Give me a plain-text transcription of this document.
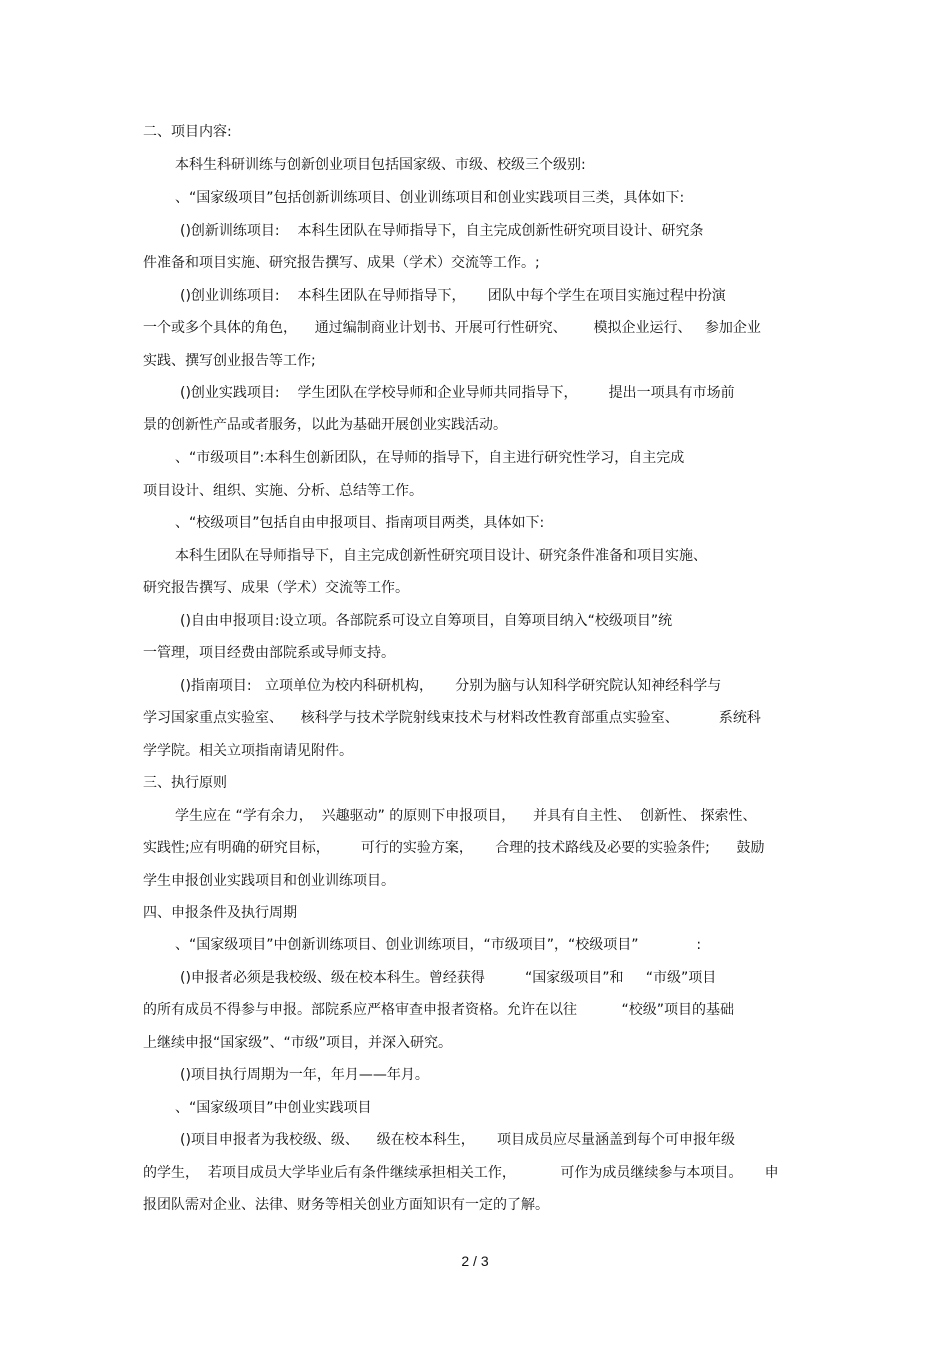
二、项目内容:
本科生科研训练与创新创业项目包括国家级、市级、校级三个级别:
、“国家级项目”包括创新训练项目、创业训练项目和创业实践项目三类，具体如下:
()创新训练项目:    本科生团队在导师指导下，自主完成创新性研究项目设计、研究条
件准备和项目实施、研究报告撰写、成果（学术）交流等工作。;
()创业训练项目:    本科生团队在导师指导下，     团队中每个学生在项目实施过程中扮演
一个或多个具体的角色，    通过编制商业计划书、开展可行性研究、      模拟企业运行、   参加企业
实践、撰写创业报告等工作;
()创业实践项目:    学生团队在学校导师和企业导师共同指导下，       提出一项具有市场前
景的创新性产品或者服务，以此为基础开展创业实践活动。
、“市级项目”:本科生创新团队，在导师的指导下，自主进行研究性学习，自主完成
项目设计、组织、实施、分析、总结等工作。
、“校级项目”包括自由申报项目、指南项目两类，具体如下:
本科生团队在导师指导下，自主完成创新性研究项目设计、研究条件准备和项目实施、
研究报告撰写、成果（学术）交流等工作。
()自由申报项目:设立项。各部院系可设立自筹项目，自筹项目纳入“校级项目”统
一管理，项目经费由部院系或导师支持。
()指南项目:   立项单位为校内科研机构，     分别为脑与认知科学研究院认知神经科学与
学习国家重点实验室、    核科学与技术学院射线束技术与材料改性教育部重点实验室、         系统科
学学院。相关立项指南请见附件。
三、执行原则
学生应在 “学有余力，  兴趣驱动” 的原则下申报项目，    并具有自主性、  创新性、 探索性、
实践性;应有明确的研究目标，       可行的实验方案，     合理的技术路线及必要的实验条件;      鼓励
学生申报创业实践项目和创业训练项目。
四、申报条件及执行周期
、“国家级项目”中创新训练项目、创业训练项目，“市级项目”，“校级项目”             :
()申报者必须是我校级、级在校本科生。曾经获得         “国家级项目”和     “市级”项目
的所有成员不得参与申报。部院系应严格审查申报者资格。允许在以往          “校级”项目的基础
上继续申报“国家级”、“市级”项目，并深入研究。
()项目执行周期为一年，年月——年月。
、“国家级项目”中创业实践项目
()项目申报者为我校级、级、    级在校本科生，     项目成员应尽量涵盖到每个可申报年级
的学生，  若项目成员大学毕业后有条件继续承担相关工作，          可作为成员继续参与本项目。     申
报团队需对企业、法律、财务等相关创业方面知识有一定的了解。
2 / 3
